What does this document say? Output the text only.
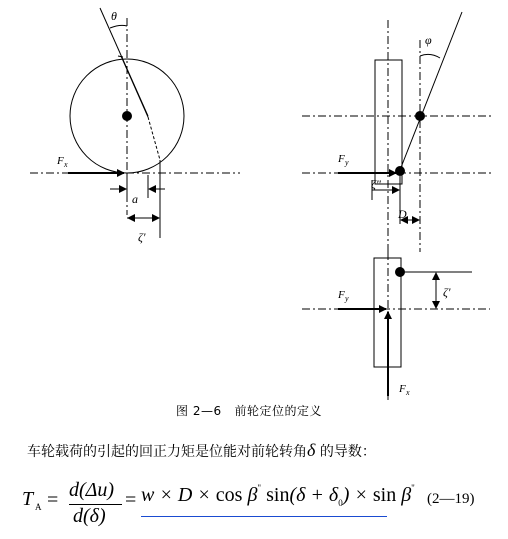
θ
F x
a
ζ'
φ
F y
ζ"
D
ζ'
F y
F x
图 2—6   前轮定位的定义
车轮载荷的引起的回正力矩是位能对前轮转角δ 的导数：
T A = d(Δu)
d(δ)
= w × D × cos β" $\sin(\delta + \delta_0) \times \sin \beta^"$
(2—19)
